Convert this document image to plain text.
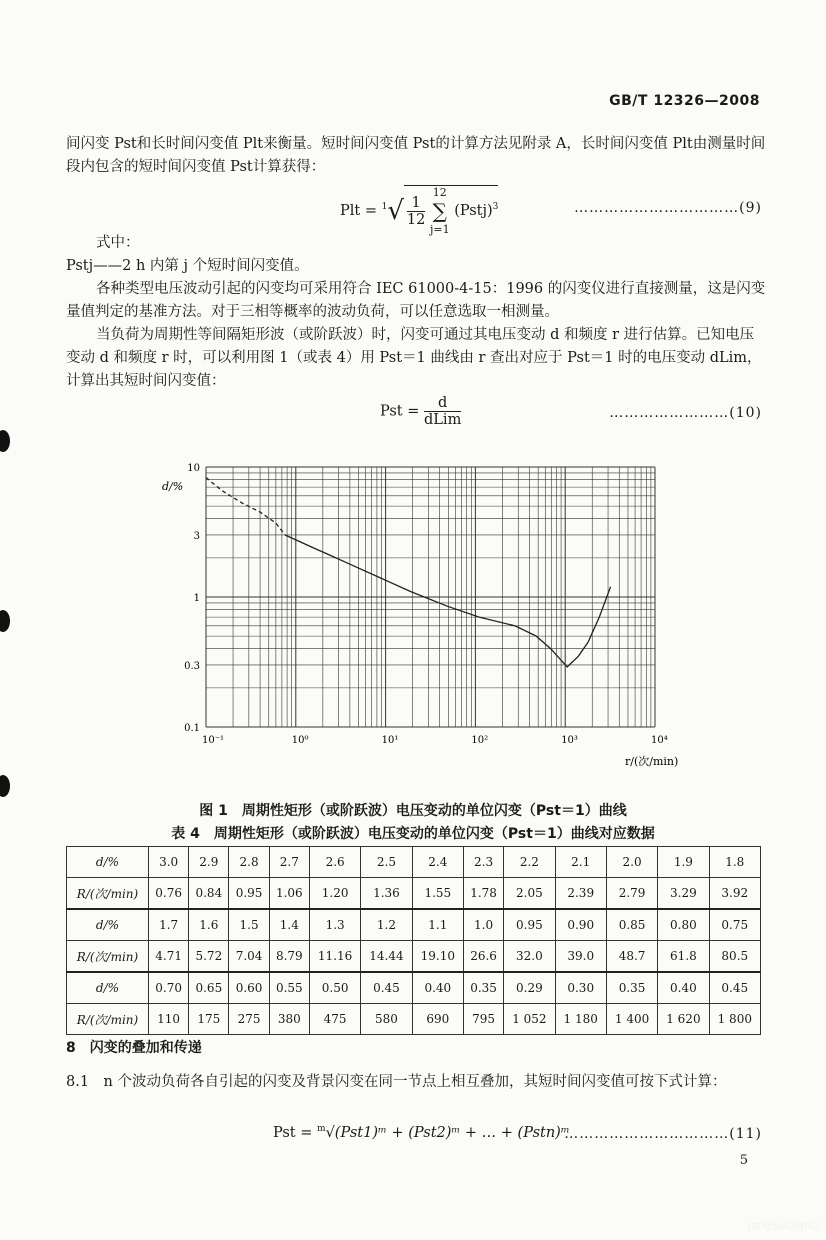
GB/T 12326—2008
间闪变 Pst和长时间闪变值 Plt来衡量。短时间闪变值 Pst的计算方法见附录 A，长时间闪变值 Plt由测量时间段内包含的短时间闪变值 Pst计算获得：
Plt = $^1√ \frac{1}{12}$

12
∑
j=1
(Pstj)$^3$	……………………………(9)
式中：
Pstj——2 h 内第 j 个短时间闪变值。
各种类型电压波动引起的闪变均可采用符合 IEC 61000-4-15：1996 的闪变仪进行直接测量，这是闪变量值判定的基准方法。对于三相等概率的波动负荷，可以任意选取一相测量。
当负荷为周期性等间隔矩形波（或阶跃波）时，闪变可通过其电压变动 d 和频度 r 进行估算。已知电压变动 d 和频度 r 时，可以利用图 1（或表 4）用 Pst＝1 曲线由 r 查出对应于 Pst＝1 时的电压变动 dLim，计算出其短时间闪变值：
Pst = $\frac{d}{\text{dLim}}$	……………………(10)
10⁻¹	10⁰	10¹	10²	10³	10⁴
10
3
1
0.3
0.1
d/%
r/(次/min)
图 1　周期性矩形（或阶跃波）电压变动的单位闪变（Pst＝1）曲线
表 4　周期性矩形（或阶跃波）电压变动的单位闪变（Pst＝1）曲线对应数据
d/%	3.0	2.9	2.8	2.7	2.6	2.5	2.4	2.3	2.2	2.1	2.0	1.9	1.8
R/(次/min)	0.76	0.84	0.95	1.06	1.20	1.36	1.55	1.78	2.05	2.39	2.79	3.29	3.92
d/%	1.7	1.6	1.5	1.4	1.3	1.2	1.1	1.0	0.95	0.90	0.85	0.80	0.75
R/(次/min)	4.71	5.72	7.04	8.79	11.16	14.44	19.10	26.6	32.0	39.0	48.7	61.8	80.5
d/%	0.70	0.65	0.60	0.55	0.50	0.45	0.40	0.35	0.29	0.30	0.35	0.40	0.45
R/(次/min)	110	175	275	380	475	580	690	795	1 052	1 180	1 400	1 620	1 800
8　闪变的叠加和传递
8.1　n 个波动负荷各自引起的闪变及背景闪变在同一节点上相互叠加，其短时间闪变值可按下式计算：
Pst = $^m$√(Pst1)ᵐ + (Pst2)ᵐ + … + (Pstn)ᵐ
……………………………(11)
5
JangSuDianLi
